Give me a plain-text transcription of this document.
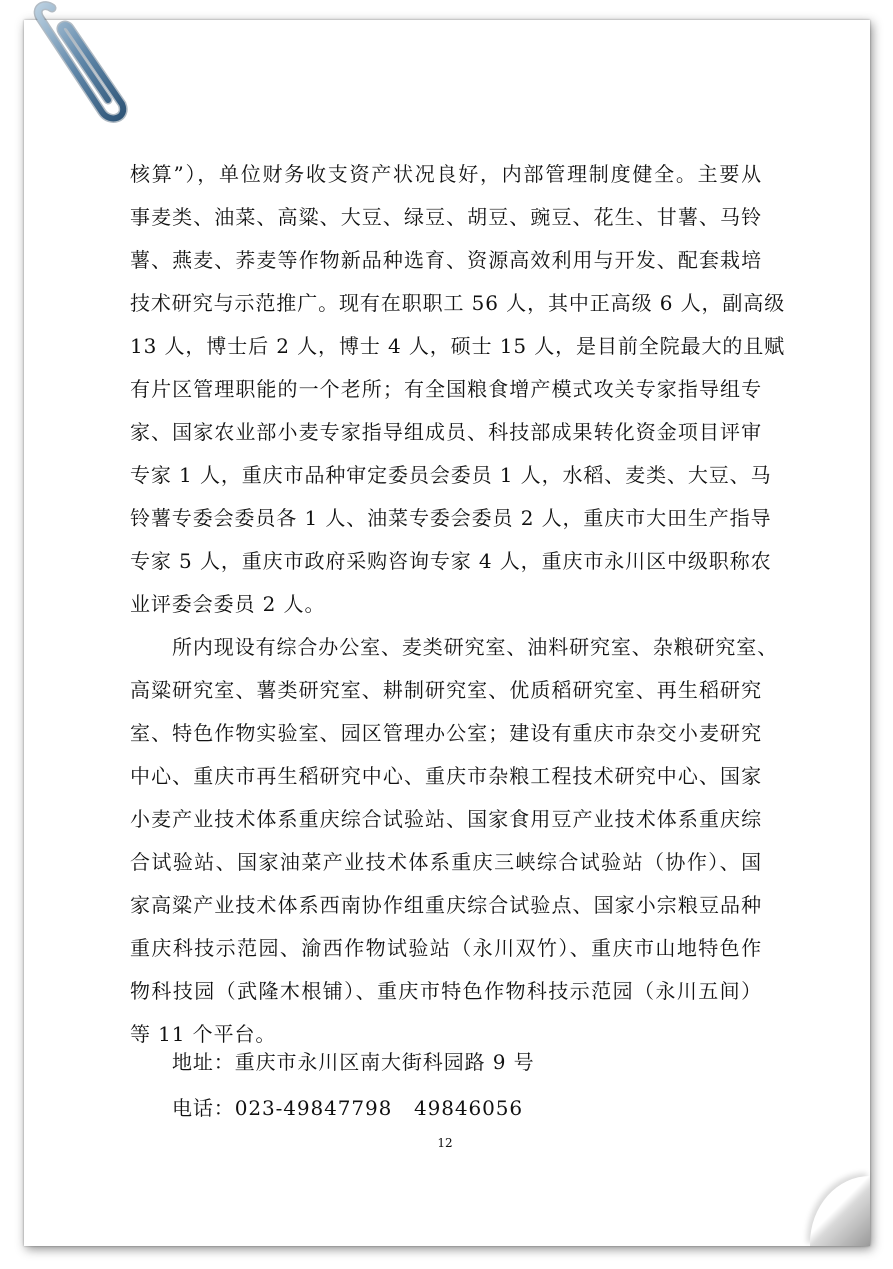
核算”），单位财务收支资产状况良好，内部管理制度健全。主要从
事麦类、油菜、高粱、大豆、绿豆、胡豆、豌豆、花生、甘薯、马铃
薯、燕麦、荞麦等作物新品种选育、资源高效利用与开发、配套栽培
技术研究与示范推广。现有在职职工 56 人，其中正高级 6 人，副高级
13 人，博士后 2 人，博士 4 人，硕士 15 人，是目前全院最大的且赋
有片区管理职能的一个老所；有全国粮食增产模式攻关专家指导组专
家、国家农业部小麦专家指导组成员、科技部成果转化资金项目评审
专家 1 人，重庆市品种审定委员会委员 1 人，水稻、麦类、大豆、马
铃薯专委会委员各 1 人、油菜专委会委员 2 人，重庆市大田生产指导
专家 5 人，重庆市政府采购咨询专家 4 人，重庆市永川区中级职称农
业评委会委员 2 人。
所内现设有综合办公室、麦类研究室、油料研究室、杂粮研究室、
高粱研究室、薯类研究室、耕制研究室、优质稻研究室、再生稻研究
室、特色作物实验室、园区管理办公室；建设有重庆市杂交小麦研究
中心、重庆市再生稻研究中心、重庆市杂粮工程技术研究中心、国家
小麦产业技术体系重庆综合试验站、国家食用豆产业技术体系重庆综
合试验站、国家油菜产业技术体系重庆三峡综合试验站（协作）、国
家高粱产业技术体系西南协作组重庆综合试验点、国家小宗粮豆品种
重庆科技示范园、渝西作物试验站（永川双竹）、重庆市山地特色作
物科技园（武隆木根铺）、重庆市特色作物科技示范园（永川五间）
等 11 个平台。
地址：重庆市永川区南大街科园路 9 号
电话：023-49847798   49846056
12
